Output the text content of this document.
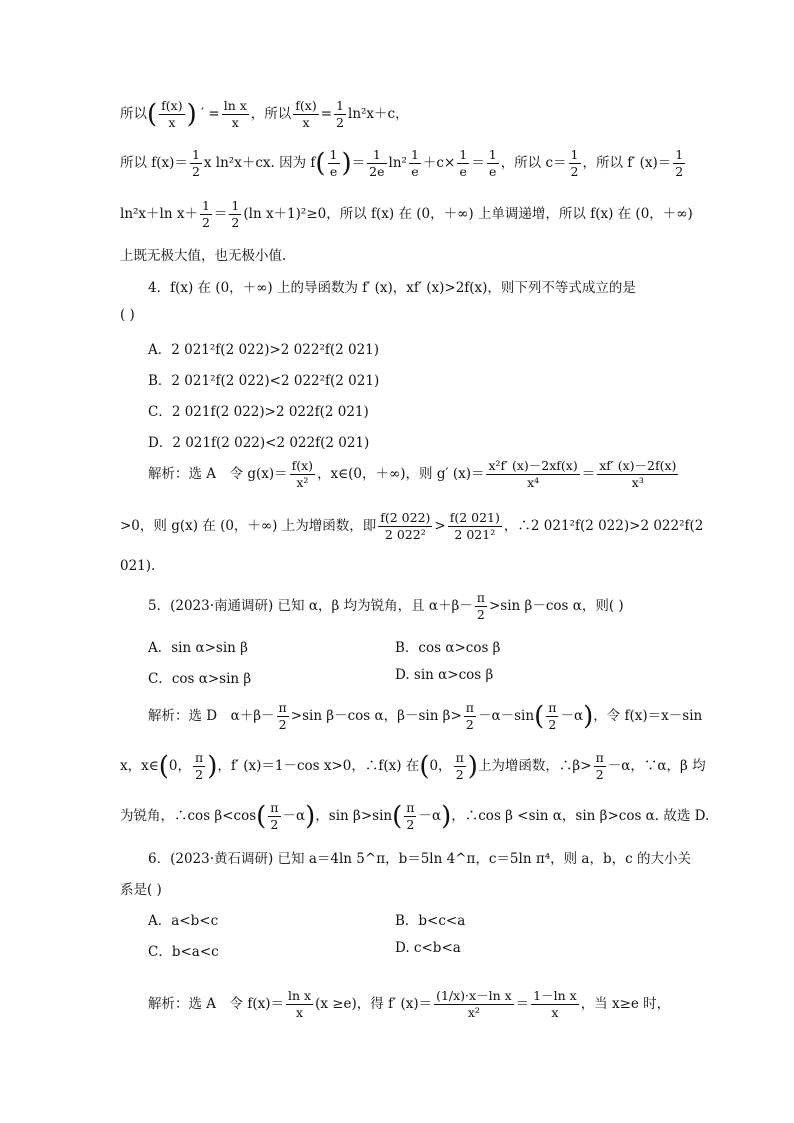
所以( $\frac{f(x)}{x}$ ) ′ = $\frac{\text{ln x}}{x}$ ，所以 $\frac{f(x)}{x} = \frac{1}{2} \ln^2x+c$，
所以 $f(x)= \frac{1}{2}$ x ln²x＋cx. 因为 $f( \frac{1}{e}$ )＝ $\frac{1}{2e} \ln^2 \frac{1}{e} +c\times \frac{1}{e} = \frac{1}{e}$ ，所以 $c= \frac{1}{2}$ ，所以 f′ $(x)= \frac{1}{2}$
ln²x＋ln $x+ \frac{1}{2} = \frac{1}{2} (\ln$ x＋1)²≥0，所以 f(x) 在 (0，＋∞) 上单调递增，所以 f(x) 在 (0，＋∞)
上既无极大值，也无极小值.
4．f(x) 在 (0，＋∞) 上的导函数为 f′ (x)，xf′ (x)>2f(x)，则下列不等式成立的是
( )
A．2 021²f(2 022)>2 022²f(2 021)
B．2 021²f(2 022)<2 022²f(2 021)
C．2 021f(2 022)>2 022f(2 021)
D．2 021f(2 022)<2 022f(2 021)
解析：选 A　令 $g(x)= \frac{f(x)}{\text{x²}}$ ，x∈(0，＋∞)，则 g′ $(x)= \frac{\text{x²f′ (x)－2xf(x)}}{\text{x⁴}} = \frac{xf' (x)-2f(x)}{\text{x³}}$
>0，则 g(x) 在 (0，＋∞) 上为增函数，即 $\frac{f(2 022)}{\text{2 022²}} > \frac{f(2 021)}{\text{2 021²}}$ ，∴2 021²f(2 022)>2 022²f(2
021).
5．(2023·南通调研) 已知 α，β 均为锐角，且 $\alpha+\beta- \frac{\pi}{2} >\sin$ β－cos α，则( )
A．sin α>sin β	B．cos α>cos β
C．cos α>sin β	D. sin α>cos β
解析：选 D　$\alpha+\beta- \frac{\pi}{2} >\sin$ β－cos α，β－sin $\beta> \frac{\pi}{2} -\alpha-\sin( \frac{\pi}{2} -\alpha)$，令 f(x)＝x－sin
x，x∈(0， $\frac{\pi}{2}$ )，f′ (x)＝1－cos x>0，∴f(x) 在(0， $\frac{\pi}{2}$ )上为增函数，∴β> $\frac{\pi}{2} -\alpha$，∵α，β 均
为锐角，∴cos $\beta<\cos( \frac{\pi}{2} -\alpha)$，$\sin \beta>\sin( \frac{\pi}{2} -\alpha)$，∴cos β <sin α，sin β>cos α. 故选 D.
6．(2023·黄石调研) 已知 a＝4ln 5^π，b＝5ln 4^π，c＝5ln π⁴，则 a，b，c 的大小关
系是( )
A．a<b<c	B．b<c<a
C．b<a<c	D. c<b<a
解析：选 A　令 $f(x)= \frac{\text{ln x}}{x} (x \ge e)$，得 f′ $(x)= \frac{\text{(1/x)·x－ln x}}{\text{x²}} = \frac{\text{1－ln x}}{x}$ ，当 x≥e 时，
